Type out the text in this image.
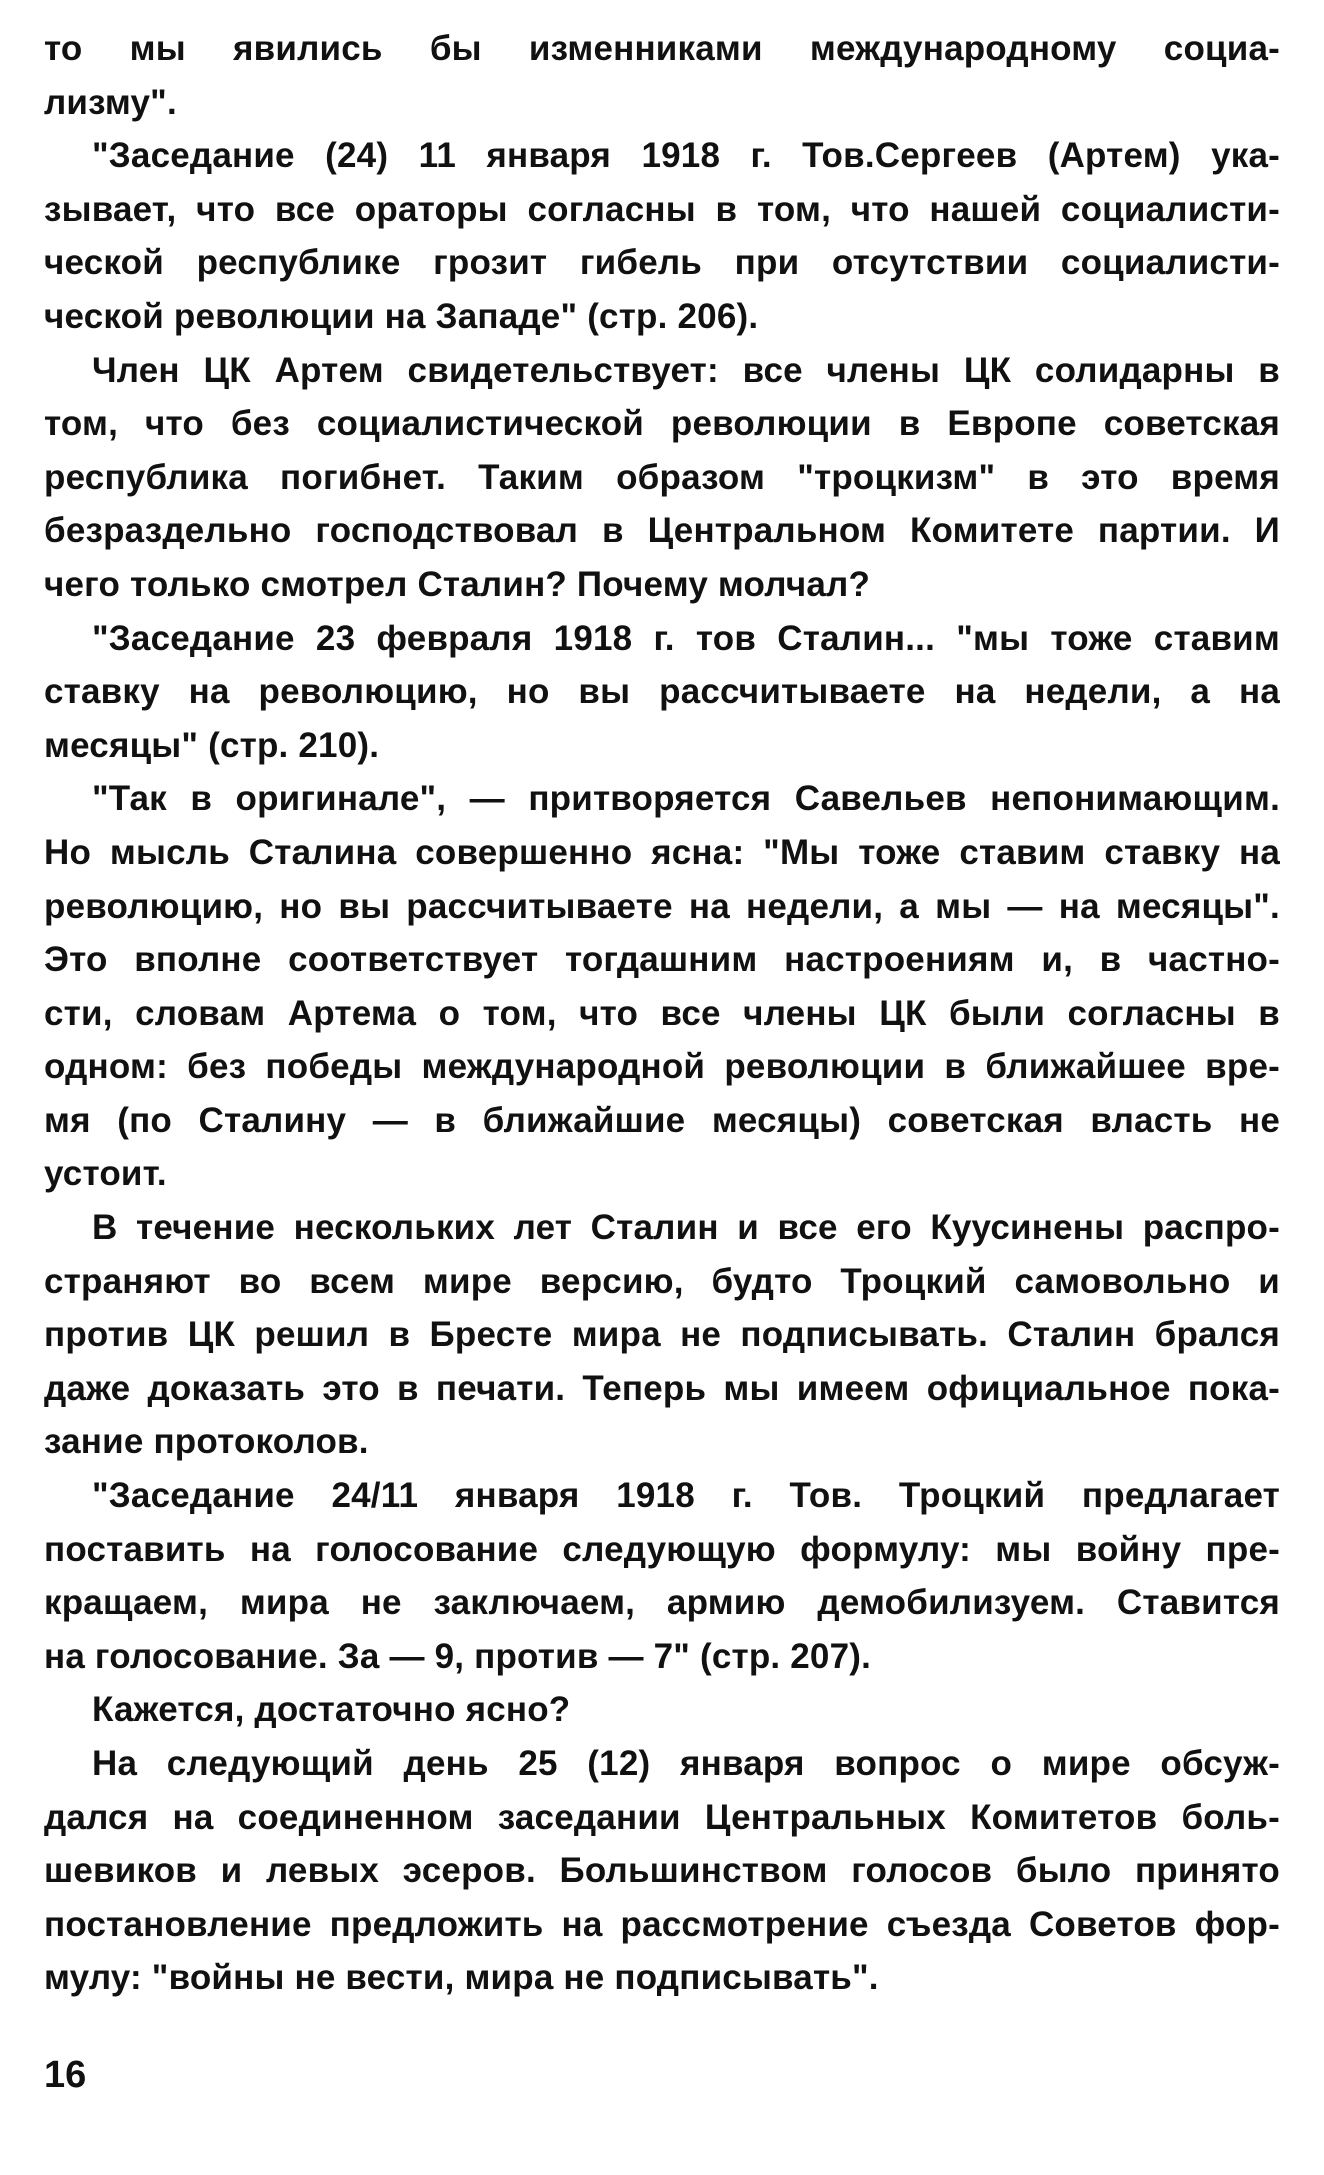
то мы явились бы изменниками международному социа-
лизму".
"Заседание (24) 11 января 1918 г. Тов.Сергеев (Артем) ука-
зывает, что все ораторы согласны в том, что нашей социалисти-
ческой республике грозит гибель при отсутствии социалисти-
ческой революции на Западе" (стр. 206).
Член ЦК Артем свидетельствует: все члены ЦК солидарны в
том, что без социалистической революции в Европе советская
республика погибнет. Таким образом "троцкизм" в это время
безраздельно господствовал в Центральном Комитете партии. И
чего только смотрел Сталин? Почему молчал?
"Заседание 23 февраля 1918 г. тов Сталин... "мы тоже ставим
ставку на революцию, но вы рассчитываете на недели, а на
месяцы" (стр. 210).
"Так в оригинале", — притворяется Савельев непонимающим.
Но мысль Сталина совершенно ясна: "Мы тоже ставим ставку на
революцию, но вы рассчитываете на недели, а мы — на месяцы".
Это вполне соответствует тогдашним настроениям и, в частно-
сти, словам Артема о том, что все члены ЦК были согласны в
одном: без победы международной революции в ближайшее вре-
мя (по Сталину — в ближайшие месяцы) советская власть не
устоит.
В течение нескольких лет Сталин и все его Куусинены распро-
страняют во всем мире версию, будто Троцкий самовольно и
против ЦК решил в Бресте мира не подписывать. Сталин брался
даже доказать это в печати. Теперь мы имеем официальное пока-
зание протоколов.
"Заседание 24/11 января 1918 г. Тов. Троцкий предлагает
поставить на голосование следующую формулу: мы войну пре-
кращаем, мира не заключаем, армию демобилизуем. Ставится
на голосование. За — 9, против — 7" (стр. 207).
Кажется, достаточно ясно?
На следующий день 25 (12) января вопрос о мире обсуж-
дался на соединенном заседании Центральных Комитетов боль-
шевиков и левых эсеров. Большинством голосов было принято
постановление предложить на рассмотрение съезда Советов фор-
мулу: "войны не вести, мира не подписывать".
16
